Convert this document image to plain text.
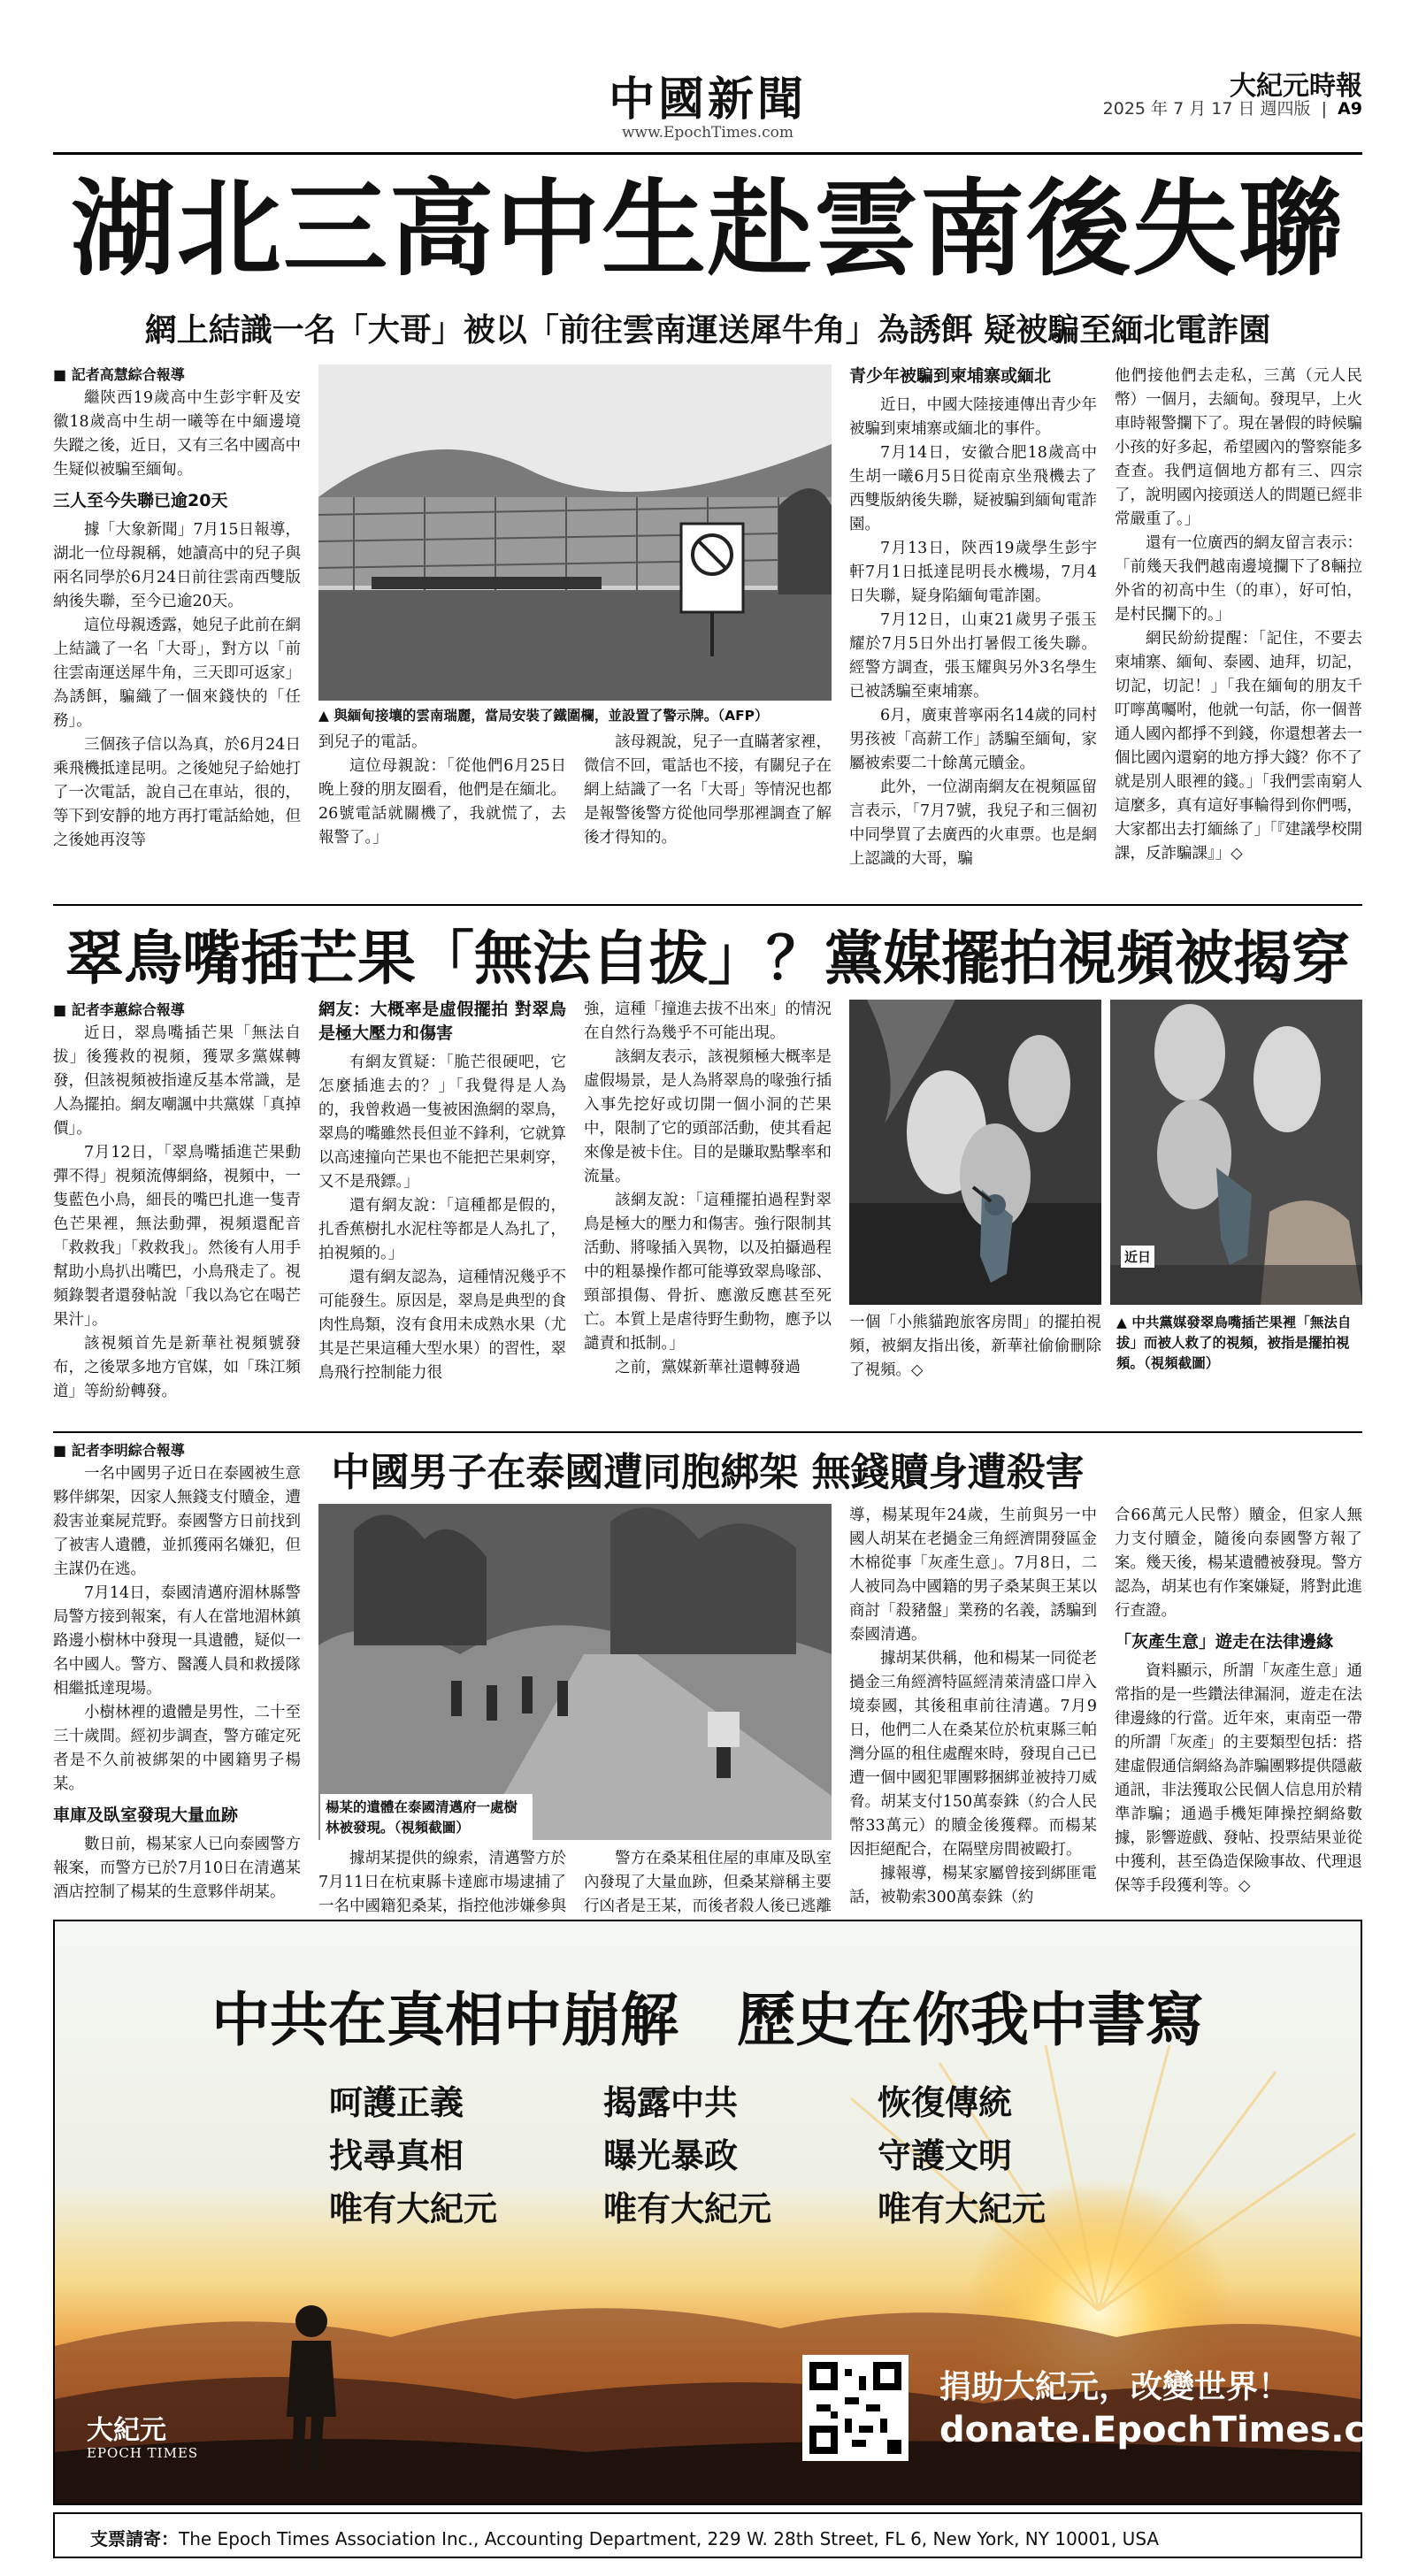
中國新聞
www.EpochTimes.com
大紀元時報
2025 年 7 月 17 日 週四版  |  A9
湖北三高中生赴雲南後失聯
網上結識一名「大哥」被以「前往雲南運送犀牛角」為誘餌 疑被騙至緬北電詐園

■ 記者高慧綜合報導

繼陝西19歲高中生彭宇軒及安徽18歲高中生胡一曦等在中緬邊境失蹤之後，近日，又有三名中國高中生疑似被騙至緬甸。

三人至今失聯已逾20天

據「大象新聞」7月15日報導，湖北一位母親稱，她讀高中的兒子與兩名同學於6月24日前往雲南西雙版納後失聯，至今已逾20天。

這位母親透露，她兒子此前在網上結識了一名「大哥」，對方以「前往雲南運送犀牛角，三天即可返家」為誘餌，騙織了一個來錢快的「任務」。

三個孩子信以為真，於6月24日乘飛機抵達昆明。之後她兒子給她打了一次電話，說自己在車站，很的，等下到安靜的地方再打電話給她，但之後她再沒等

▲ 與緬甸接壤的雲南瑞麗，當局安裝了鐵圍欄，並設置了警示牌。（AFP）

到兒子的電話。

這位母親說：「從他們6月25日晚上發的朋友圈看，他們是在緬北。26號電話就關機了，我就慌了，去報警了。」

該母親說，兒子一直瞞著家裡，微信不回，電話也不接，有關兒子在網上結識了一名「大哥」等情況也都是報警後警方從他同學那裡調查了解後才得知的。

青少年被騙到柬埔寨或緬北

近日，中國大陸接連傳出青少年被騙到柬埔寨或緬北的事件。

7月14日，安徽合肥18歲高中生胡一曦6月5日從南京坐飛機去了西雙版納後失聯，疑被騙到緬甸電詐園。

7月13日，陝西19歲學生彭宇軒7月1日抵達昆明長水機場，7月4日失聯，疑身陷緬甸電詐園。

7月12日，山東21歲男子張玉耀於7月5日外出打暑假工後失聯。經警方調查，張玉耀與另外3名學生已被誘騙至柬埔寨。

6月，廣東普寧兩名14歲的同村男孩被「高薪工作」誘騙至緬甸，家屬被索要二十餘萬元贖金。

此外，一位湖南網友在視頻區留言表示，「7月7號，我兒子和三個初中同學買了去廣西的火車票。也是網上認識的大哥，騙

他們接他們去走私，三萬（元人民幣）一個月，去緬甸。發現早，上火車時報警攔下了。現在暑假的時候騙小孩的好多起，希望國內的警察能多查查。我們這個地方都有三、四宗了，說明國內接頭送人的問題已經非常嚴重了。」

還有一位廣西的網友留言表示：「前幾天我們越南邊境攔下了8輛拉外省的初高中生（的車），好可怕，是村民攔下的。」

網民紛紛提醒：「記住，不要去柬埔寨、緬甸、泰國、迪拜，切記，切記，切記！」「我在緬甸的朋友千叮嚀萬囑咐，他就一句話，你一個普通人國內都掙不到錢，你還想著去一個比國內還窮的地方掙大錢？你不了就是別人眼裡的錢。」「我們雲南窮人這麼多，真有這好事輪得到你們嗎，大家都出去打緬絲了」「『建議學校開課，反詐騙課』」◇

翠鳥嘴插芒果「無法自拔」？黨媒擺拍視頻被揭穿

■ 記者李蕙綜合報導

近日，翠鳥嘴插芒果「無法自拔」後獲救的視頻，獲眾多黨媒轉發，但該視頻被指違反基本常識，是人為擺拍。網友嘲諷中共黨媒「真掉價」。

7月12日，「翠鳥嘴插進芒果動彈不得」視頻流傳網絡，視頻中，一隻藍色小鳥，細長的嘴巴扎進一隻青色芒果裡，無法動彈，視頻還配音「救救我」「救救我」。然後有人用手幫助小鳥扒出嘴巴，小鳥飛走了。視頻錄製者還發帖說「我以為它在喝芒果汁」。

該視頻首先是新華社視頻號發布，之後眾多地方官媒，如「珠江頻道」等紛紛轉發。

網友：大概率是虛假擺拍 對翠鳥是極大壓力和傷害

有網友質疑：「脆芒很硬吧，它怎麼插進去的？」「我覺得是人為的，我曾救過一隻被困漁網的翠鳥，翠鳥的嘴雖然長但並不鋒利，它就算以高速撞向芒果也不能把芒果刺穿，又不是飛鏢。」

還有網友說：「這種都是假的，扎香蕉樹扎水泥柱等都是人為扎了，拍視頻的。」

還有網友認為，這種情況幾乎不可能發生。原因是，翠鳥是典型的食肉性鳥類，沒有食用未成熟水果（尤其是芒果這種大型水果）的習性，翠鳥飛行控制能力很

強，這種「撞進去拔不出來」的情況在自然行為幾乎不可能出現。

該網友表示，該視頻極大概率是虛假場景，是人為將翠鳥的喙強行插入事先挖好或切開一個小洞的芒果中，限制了它的頭部活動，使其看起來像是被卡住。目的是賺取點擊率和流量。

該網友說：「這種擺拍過程對翠鳥是極大的壓力和傷害。強行限制其活動、將喙插入異物，以及拍攝過程中的粗暴操作都可能導致翠鳥喙部、頸部損傷、骨折、應激反應甚至死亡。本質上是虐待野生動物，應予以譴責和抵制。」

之前，黨媒新華社還轉發過

近日

一個「小熊貓跑旅客房間」的擺拍視頻，被網友指出後，新華社偷偷刪除了視頻。◇

▲ 中共黨媒發翠鳥嘴插芒果裡「無法自拔」而被人救了的視頻，被指是擺拍視頻。（視頻截圖）

■ 記者李明綜合報導

一名中國男子近日在泰國被生意夥伴綁架，因家人無錢支付贖金，遭殺害並棄屍荒野。泰國警方日前找到了被害人遺體，並抓獲兩名嫌犯，但主謀仍在逃。

7月14日，泰國清邁府湄林縣警局警方接到報案，有人在當地湄林鎮路邊小樹林中發現一具遺體，疑似一名中國人。警方、醫護人員和救援隊相繼抵達現場。

小樹林裡的遺體是男性，二十至三十歲間。經初步調查，警方確定死者是不久前被綁架的中國籍男子楊某。

車庫及臥室發現大量血跡

數日前，楊某家人已向泰國警方報案，而警方已於7月10日在清邁某酒店控制了楊某的生意夥伴胡某。

中國男子在泰國遭同胞綁架 無錢贖身遭殺害
楊某的遺體在泰國清邁府一處樹林被發現。（視頻截圖）

據胡某提供的線索，清邁警方於7月11日在杭東縣卡達廊市場逮捕了一名中國籍犯桑某，指控他涉嫌參與

警方在桑某租住屋的車庫及臥室內發現了大量血跡，但桑某辯稱主要行凶者是王某，而後者殺人後已逃離

導，楊某現年24歲，生前與另一中國人胡某在老撾金三角經濟開發區金木棉從事「灰產生意」。7月8日，二人被同為中國籍的男子桑某與王某以商討「殺豬盤」業務的名義，誘騙到泰國清邁。

據胡某供稱，他和楊某一同從老撾金三角經濟特區經清萊清盛口岸入境泰國，其後租車前往清邁。7月9日，他們二人在桑某位於杭東縣三帕灣分區的租住處醒來時，發現自己已遭一個中國犯罪團夥捆綁並被持刀威脅。胡某支付150萬泰銖（約合人民幣33萬元）的贖金後獲釋。而楊某因拒絕配合，在隔壁房間被毆打。

據報導，楊某家屬曾接到綁匪電話，被勒索300萬泰銖（約

合66萬元人民幣）贖金，但家人無力支付贖金，隨後向泰國警方報了案。幾天後，楊某遺體被發現。警方認為，胡某也有作案嫌疑，將對此進行查證。

「灰產生意」遊走在法律邊緣

資料顯示，所謂「灰產生意」通常指的是一些鑽法律漏洞，遊走在法律邊緣的行當。近年來，東南亞一帶的所謂「灰產」的主要類型包括：搭建虛假通信網絡為詐騙團夥提供隱蔽通訊，非法獲取公民個人信息用於精準詐騙；通過手機矩陣操控網絡數據，影響遊戲、發帖、投票結果並從中獲利，甚至偽造保險事故、代理退保等手段獲利等。◇

中共在真相中崩解　歷史在你我中書寫
呵護正義
找尋真相
唯有大紀元
揭露中共
曝光暴政
唯有大紀元
恢復傳統
守護文明
唯有大紀元
大紀元
EPOCH TIMES
捐助大紀元，改變世界！
donate.EpochTimes.com
支票請寄：The Epoch Times Association Inc., Accounting Department, 229 W. 28th Street, FL 6, New York, NY 10001, USA
